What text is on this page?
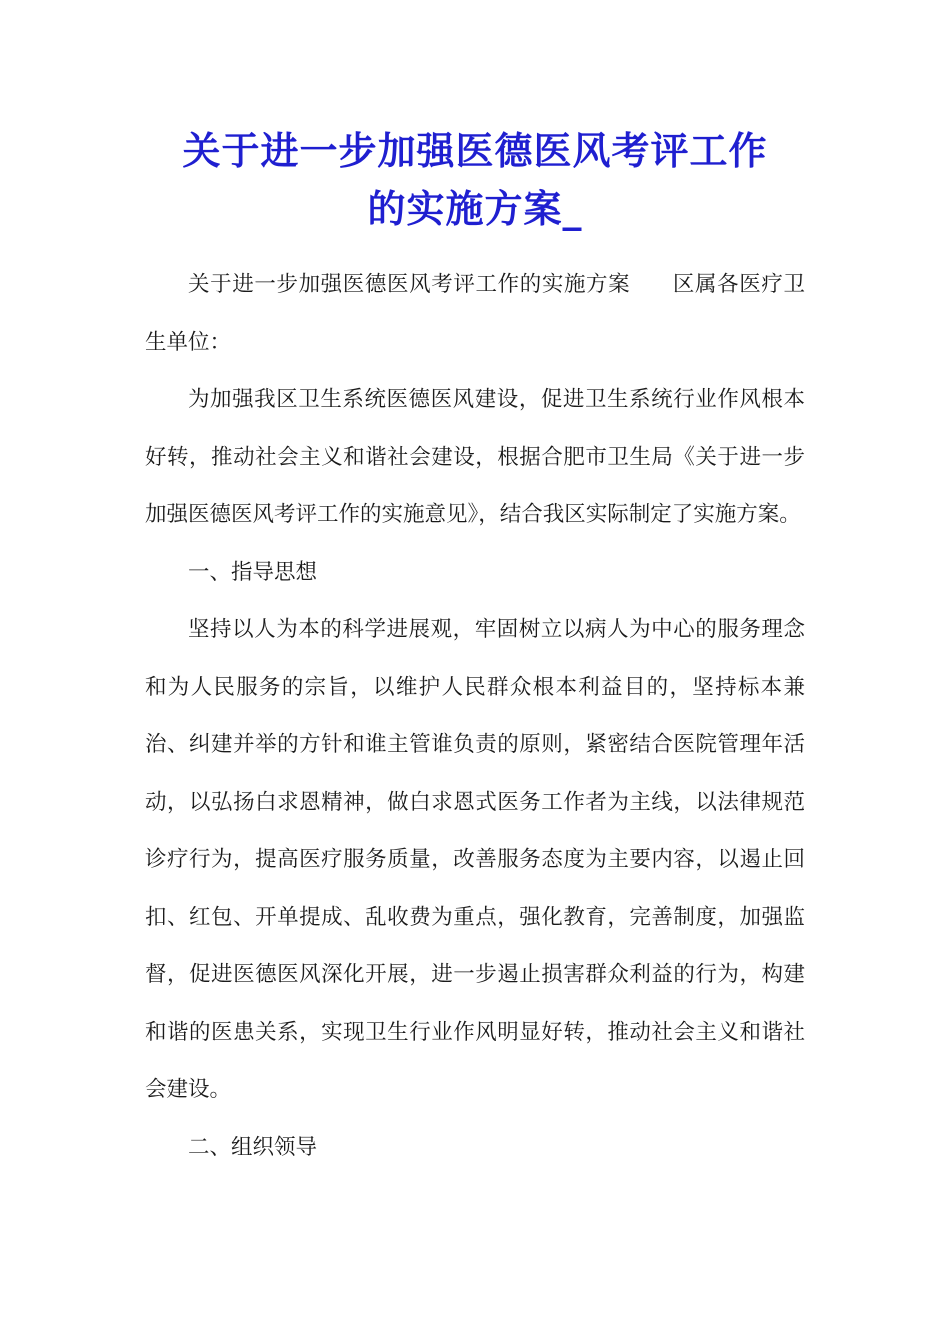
关于进一步加强医德医风考评工作
的实施方案_

关于进一步加强医德医风考评工作的实施方案 区属各医疗卫生单位：

为加强我区卫生系统医德医风建设，促进卫生系统行业作风根本好转，推动社会主义和谐社会建设，根据合肥市卫生局《关于进一步加强医德医风考评工作的实施意见》，结合我区实际制定了实施方案。

一、指导思想

坚持以人为本的科学进展观，牢固树立以病人为中心的服务理念和为人民服务的宗旨，以维护人民群众根本利益目的，坚持标本兼治、纠建并举的方针和谁主管谁负责的原则，紧密结合医院管理年活动，以弘扬白求恩精神，做白求恩式医务工作者为主线，以法律规范诊疗行为，提高医疗服务质量，改善服务态度为主要内容，以遏止回扣、红包、开单提成、乱收费为重点，强化教育，完善制度，加强监督，促进医德医风深化开展，进一步遏止损害群众利益的行为，构建和谐的医患关系，实现卫生行业作风明显好转，推动社会主义和谐社会建设。

二、组织领导
